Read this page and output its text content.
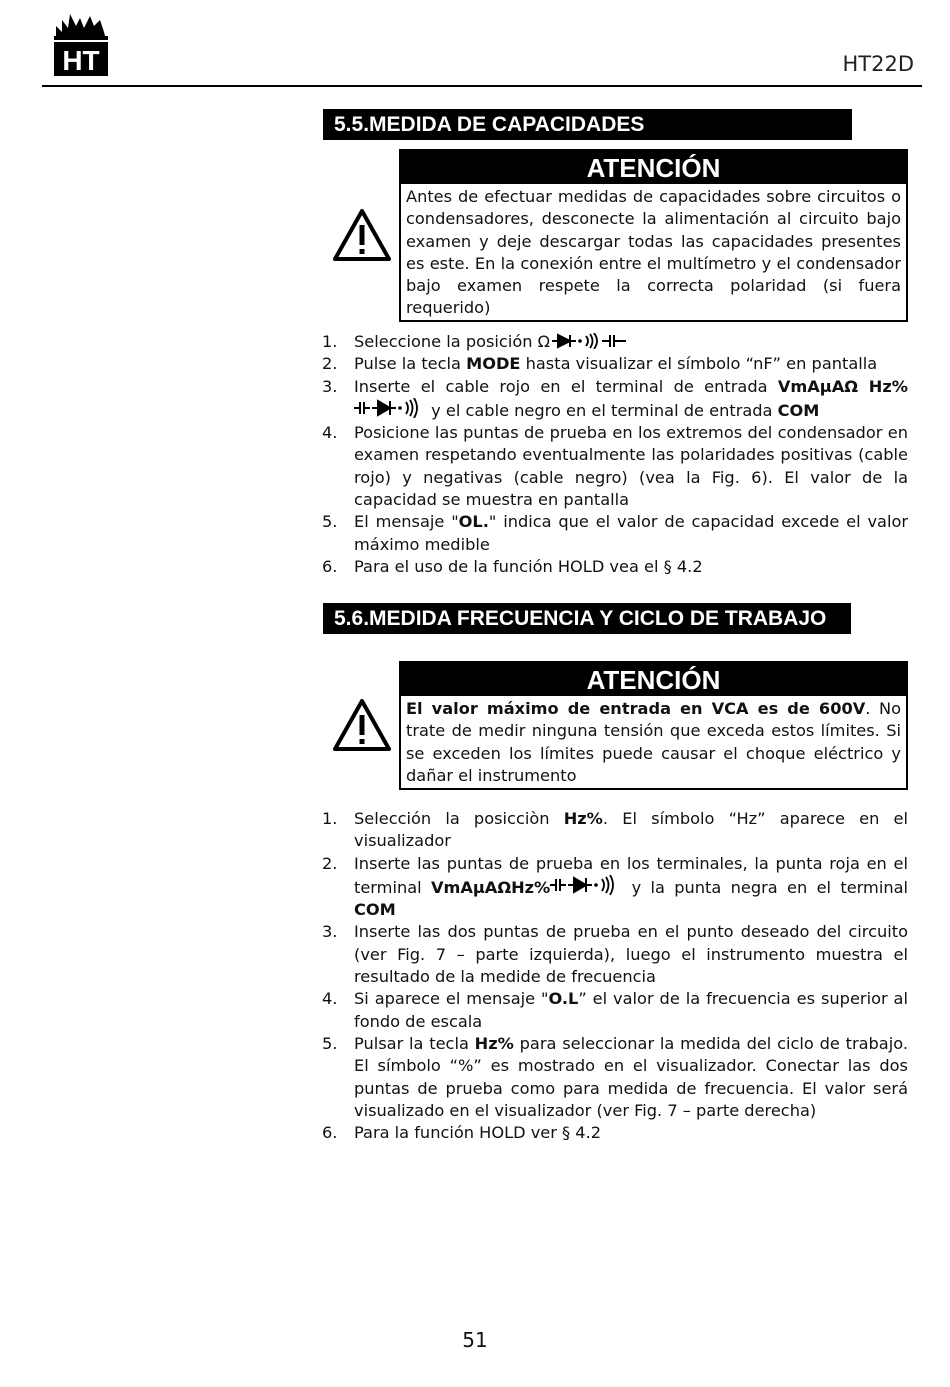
HT	HT22D
5.5.MEDIDA DE CAPACIDADES
ATENCIÓN
Antes de efectuar medidas de capacidades sobre circuitos o condensadores, desconecte la alimentación al circuito bajo examen y deje descargar todas las capacidades presentes es este. En la conexión entre el multímetro y el condensador bajo examen respete la correcta polaridad (si fuera requerido)
1. Seleccione la posición Ω
2. Pulse la tecla MODE hasta visualizar el símbolo “nF” en pantalla
3. Inserte el cable rojo en el terminal de entrada VmAμAΩ Hz% y el cable negro en el terminal de entrada COM
4. Posicione las puntas de prueba en los extremos del condensador en examen respetando eventualmente las polaridades positivas (cable rojo) y negativas (cable negro) (vea la Fig. 6). El valor de la capacidad se muestra en pantalla
5. El mensaje "OL." indica que el valor de capacidad excede el valor máximo medible
6. Para el uso de la función HOLD vea el § 4.2
5.6.MEDIDA FRECUENCIA Y CICLO DE TRABAJO
ATENCIÓN
El valor máximo de entrada en VCA es de 600V. No trate de medir ninguna tensión que exceda estos límites. Si se exceden los límites puede causar el choque eléctrico y dañar el instrumento
1. Selección la posicciòn Hz%. El símbolo “Hz” aparece en el visualizador
2. Inserte las puntas de prueba en los terminales, la punta roja en el terminal VmAμAΩHz%	y la punta negra en el terminal COM
3. Inserte las dos puntas de prueba en el punto deseado del circuito (ver Fig. 7 – parte izquierda), luego el instrumento muestra el resultado de la medide de frecuencia
4. Si aparece el mensaje "O.L” el valor de la frecuencia es superior al fondo de escala
5. Pulsar la tecla Hz% para seleccionar la medida del ciclo de trabajo. El símbolo “%” es mostrado en el visualizador. Conectar las dos puntas de prueba como para medida de frecuencia. El valor será visualizado en el visualizador (ver Fig. 7 – parte derecha)
6. Para la función HOLD ver § 4.2
51
